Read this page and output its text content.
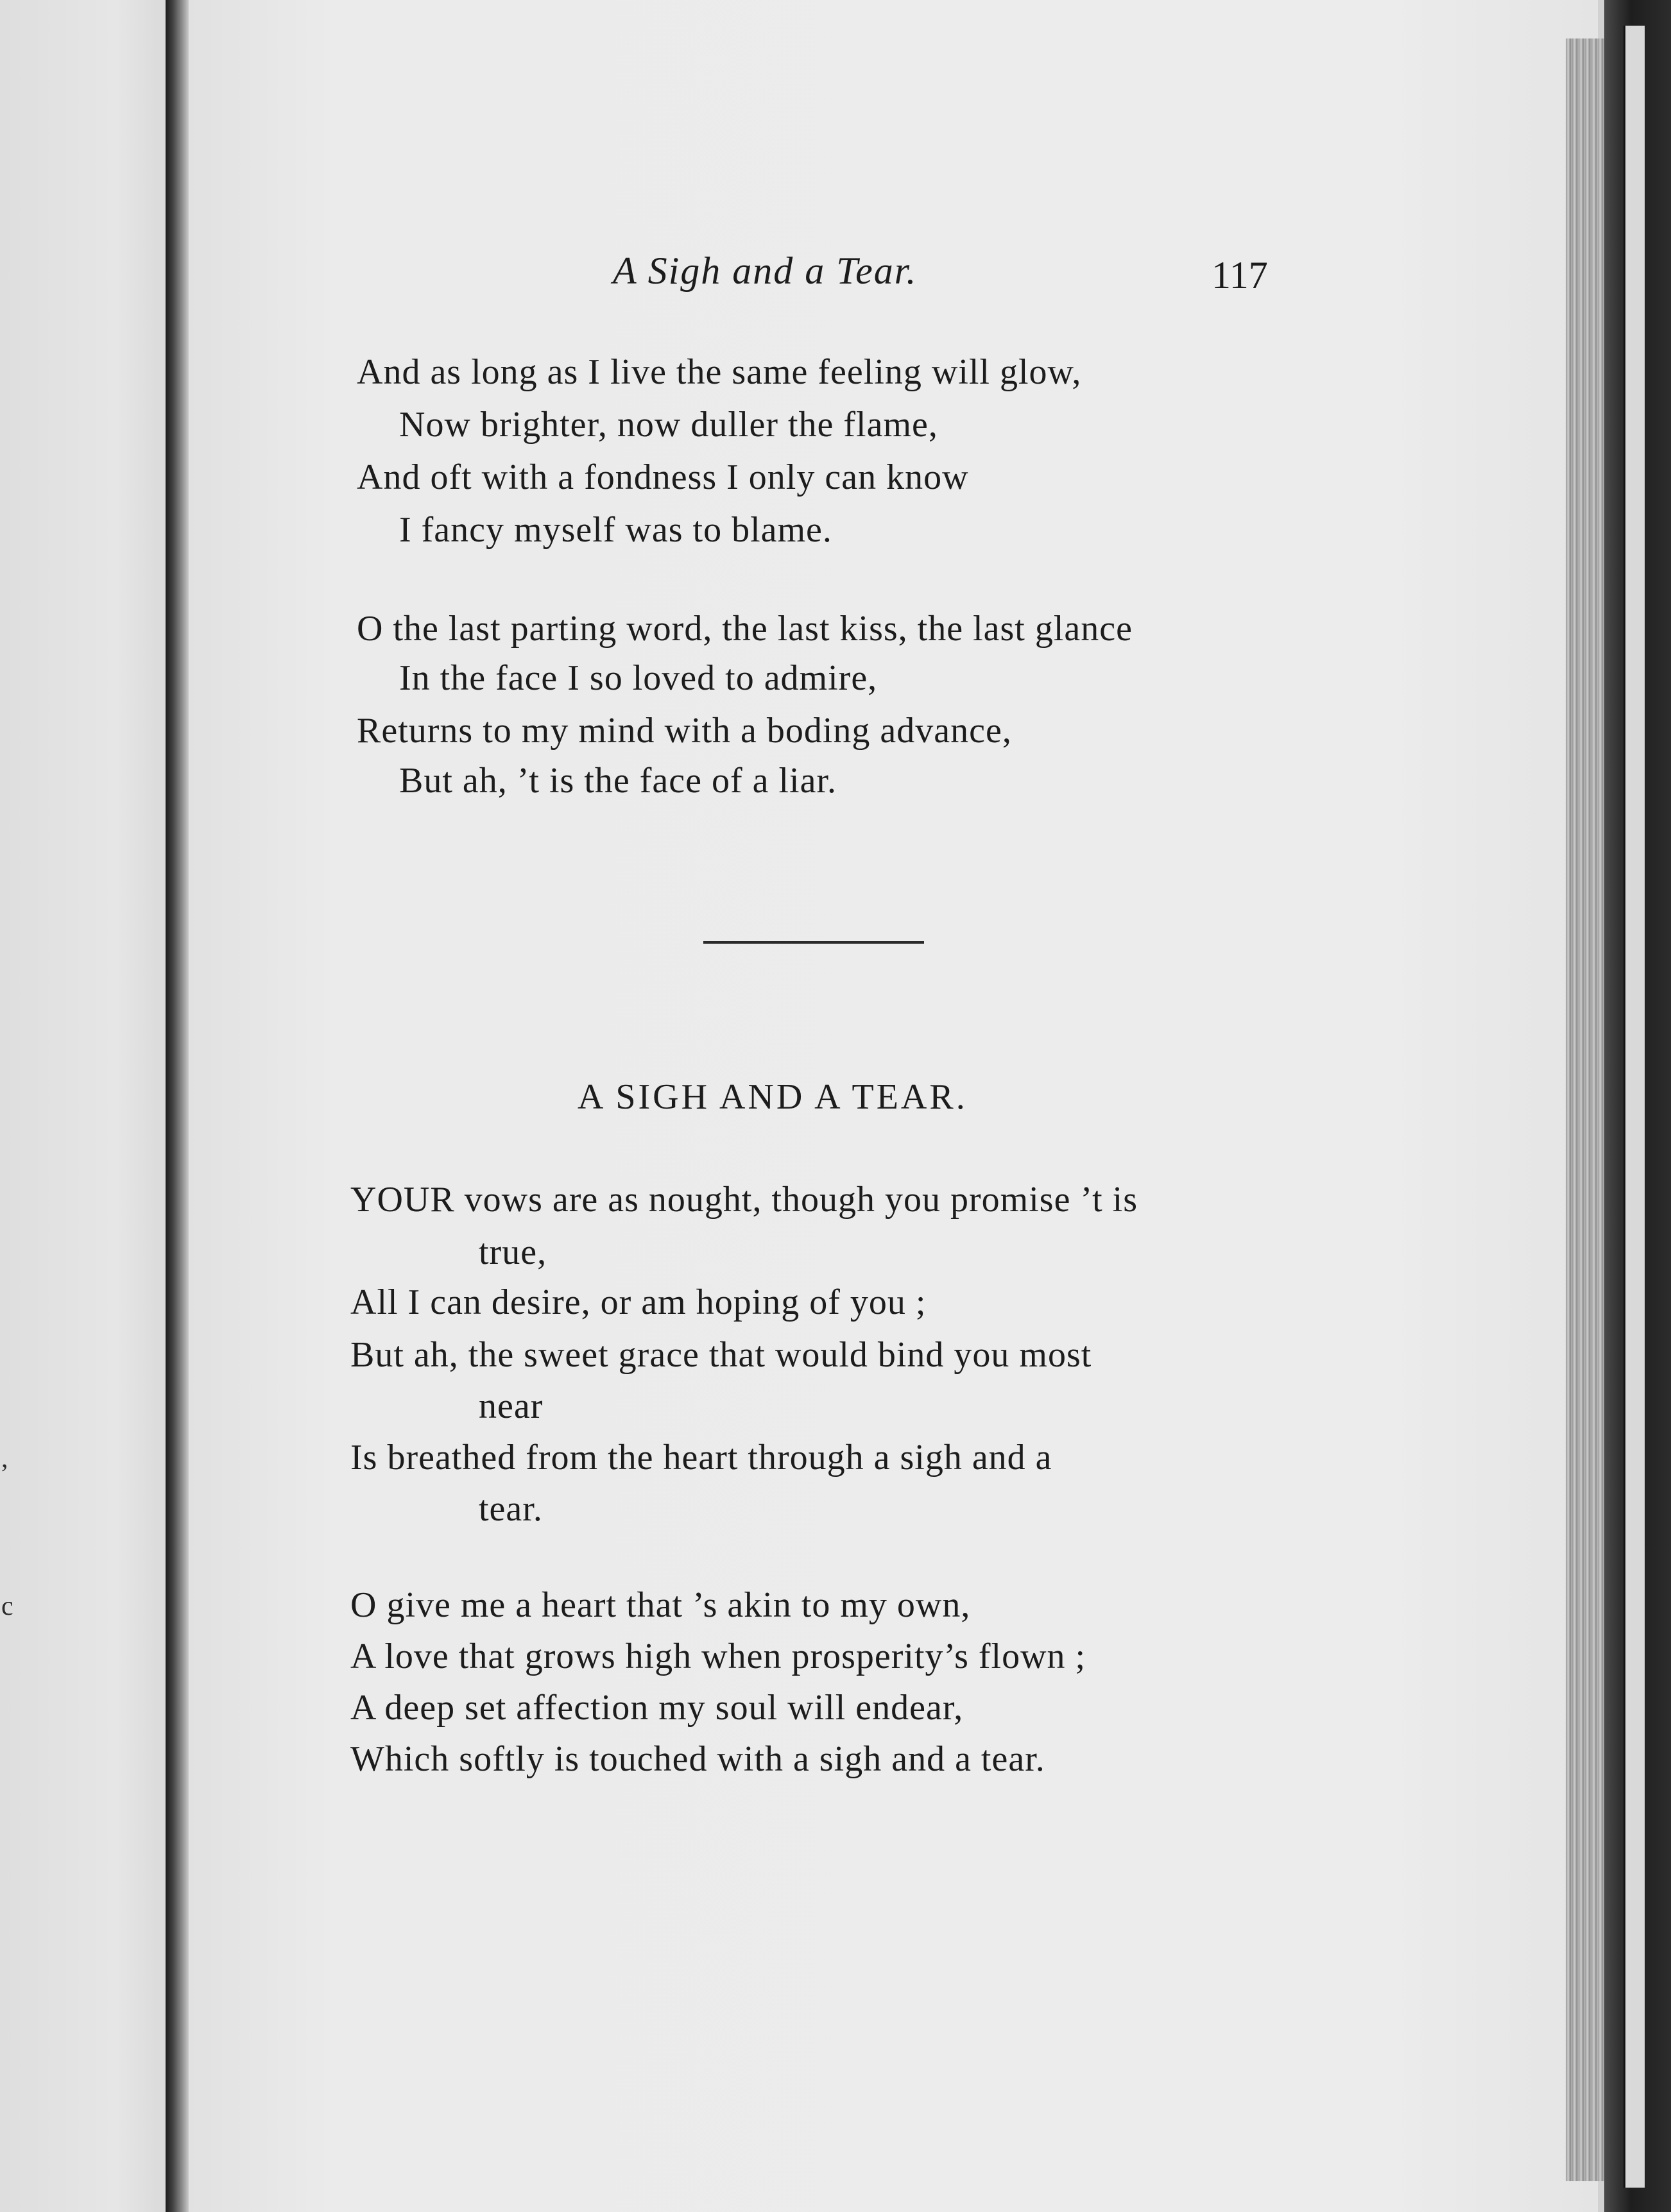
,
c
A Sigh and a Tear.	117
And as long as I live the same feeling will glow,
Now brighter, now duller the flame,
And oft with a fondness I only can know
I fancy myself was to blame.
O the last parting word, the last kiss, the last glance
In the face I so loved to admire,
Returns to my mind with a boding advance,
But ah, ’t is the face of a liar.
A SIGH AND A TEAR.
YOUR vows are as nought, though you promise ’t is
true,
All I can desire, or am hoping of you ;
But ah, the sweet grace that would bind you most
near
Is breathed from the heart through a sigh and a
tear.
O give me a heart that ’s akin to my own,
A love that grows high when prosperity’s flown ;
A deep set affection my soul will endear,
Which softly is touched with a sigh and a tear.
